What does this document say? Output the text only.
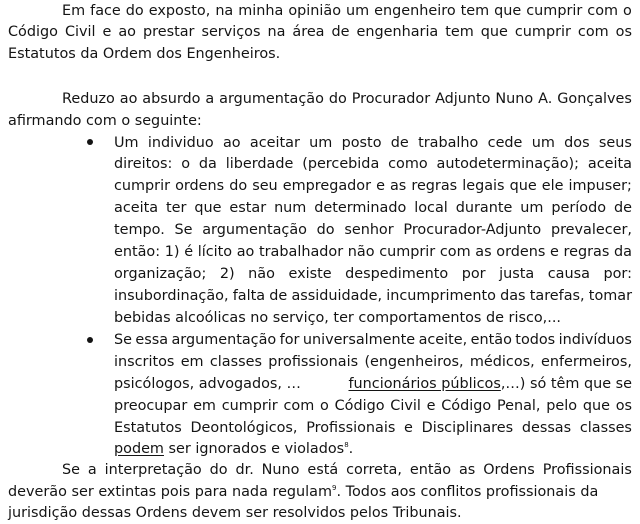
Em face do exposto, na minha opinião um engenheiro tem que cumprir com o
Código Civil e ao prestar serviços na área de engenharia tem que cumprir com os
Estatutos da Ordem dos Engenheiros.
Reduzo ao absurdo a argumentação do Procurador Adjunto Nuno A. Gonçalves
afirmando com o seguinte:
Um individuo ao aceitar um posto de trabalho cede um dos seus
direitos: o da liberdade (percebida como autodeterminação); aceita
cumprir ordens do seu empregador e as regras legais que ele impuser;
aceita ter que estar num determinado local durante um período de
tempo. Se argumentação do senhor Procurador-Adjunto prevalecer,
então: 1) é lícito ao trabalhador não cumprir com as ordens e regras da
organização; 2) não existe despedimento por justa causa por:
insubordinação, falta de assiduidade, incumprimento das tarefas, tomar
bebidas alcoólicas no serviço, ter comportamentos de risco,...
Se essa argumentação for universalmente aceite, então todos indivíduos
inscritos em classes profissionais (engenheiros, médicos, enfermeiros,
psicólogos, advogados, …	funcionários públicos,…) só têm que se
preocupar em cumprir com o Código Civil e Código Penal, pelo que os
Estatutos Deontológicos, Profissionais e Disciplinares dessas classes
podem ser ignorados e violados$^8$.
Se a interpretação do dr. Nuno está correta, então as Ordens Profissionais
deverão ser extintas pois para nada regulam$^9$. Todos aos conflitos profissionais da
jurisdição dessas Ordens devem ser resolvidos pelos Tribunais.
